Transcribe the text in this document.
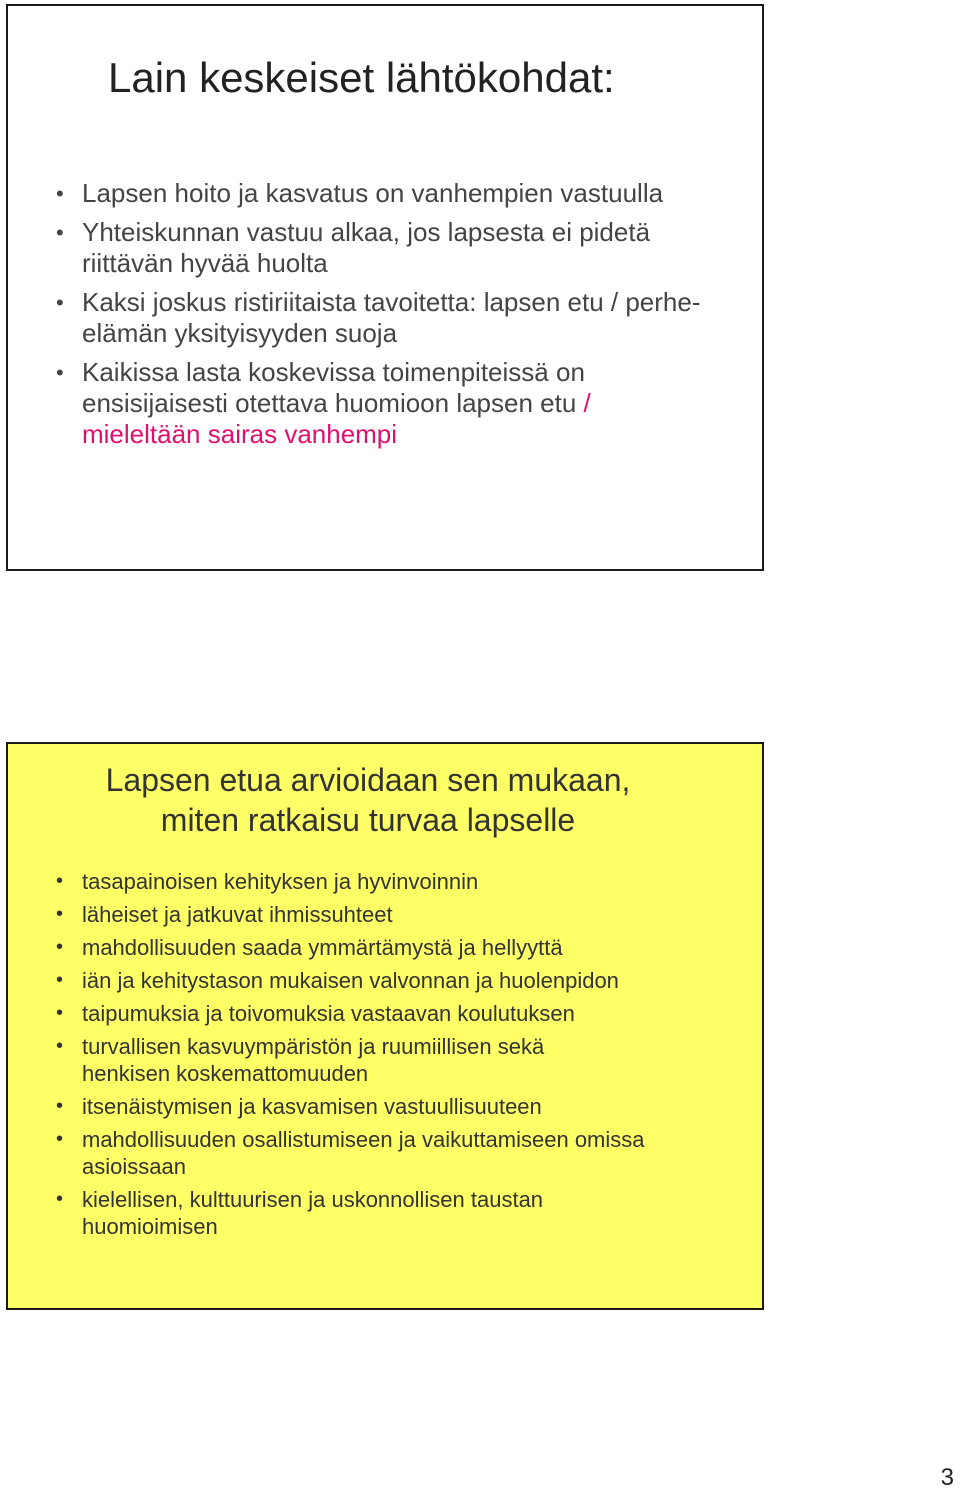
Lain keskeiset lähtökohdat:
• Lapsen hoito ja kasvatus on vanhempien vastuulla
• Yhteiskunnan vastuu alkaa, jos lapsesta ei pidetä riittävän hyvää huolta
• Kaksi joskus ristiriitaista tavoitetta: lapsen etu / perhe-elämän yksityisyyden suoja
• Kaikissa lasta koskevissa toimenpiteissä on ensisijaisesti otettava huomioon lapsen etu / mieleltään sairas vanhempi
Lapsen etua arvioidaan sen mukaan,
miten ratkaisu turvaa lapselle
• tasapainoisen kehityksen ja hyvinvoinnin
• läheiset ja jatkuvat ihmissuhteet
• mahdollisuuden saada ymmärtämystä ja hellyyttä
• iän ja kehitystason mukaisen valvonnan ja huolenpidon
• taipumuksia ja toivomuksia vastaavan koulutuksen
• turvallisen kasvuympäristön ja ruumiillisen sekä henkisen koskemattomuuden
• itsenäistymisen ja kasvamisen vastuullisuuteen
• mahdollisuuden osallistumiseen ja vaikuttamiseen omissa asioissaan
• kielellisen, kulttuurisen ja uskonnollisen taustan huomioimisen
3
